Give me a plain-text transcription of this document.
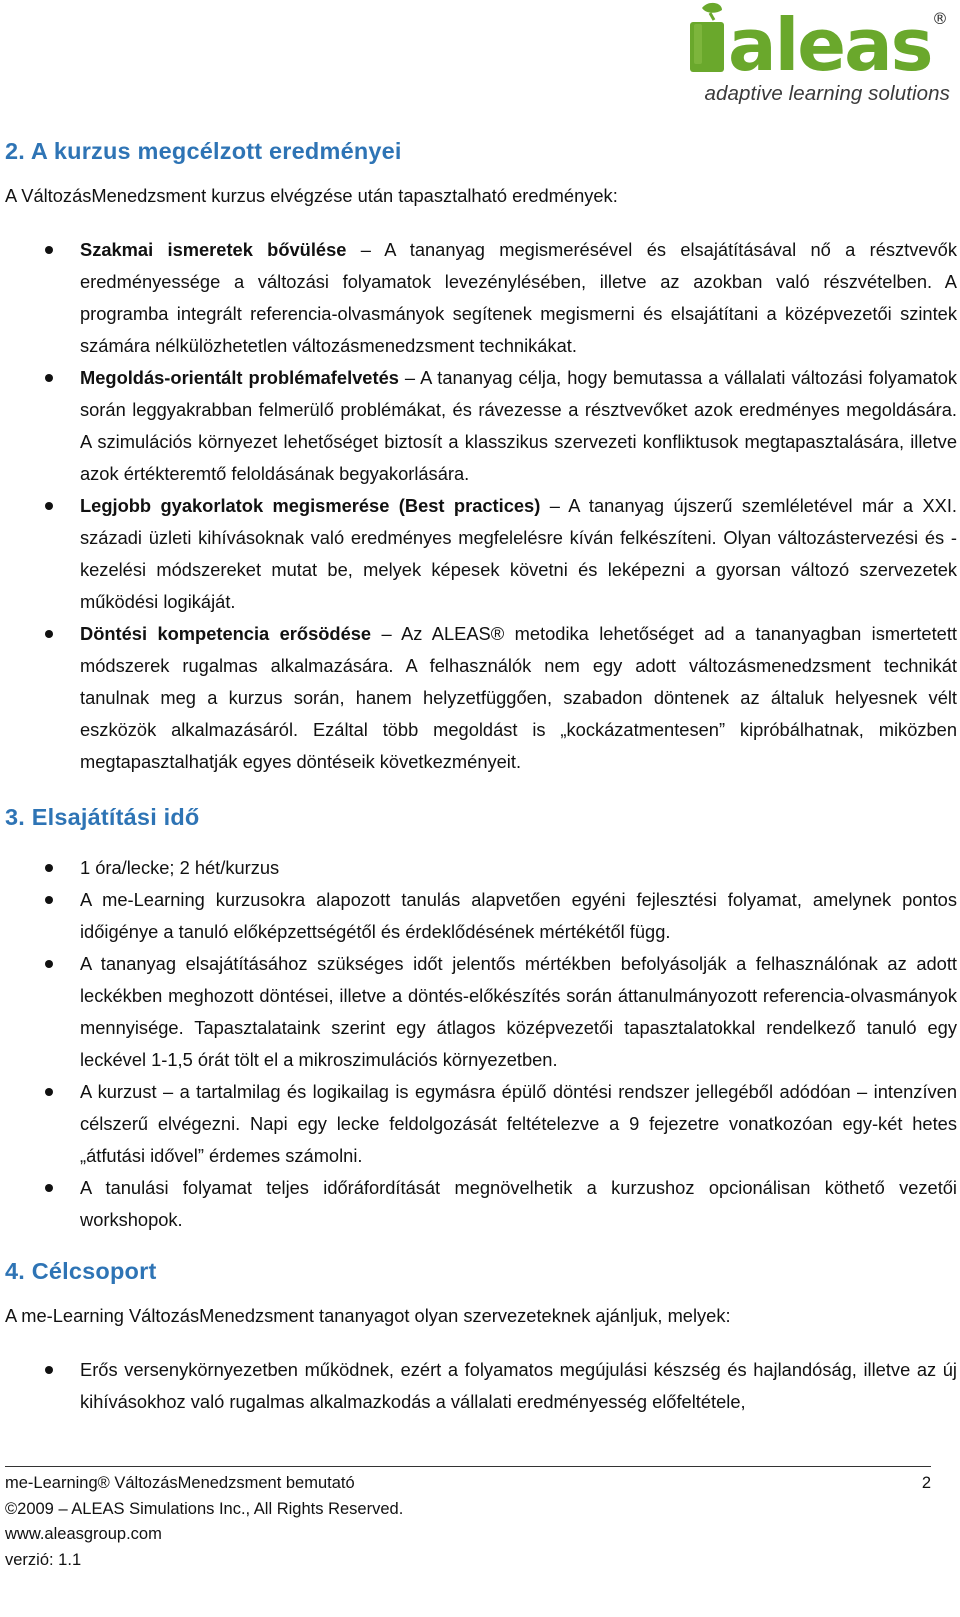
aleas ®
adaptive learning solutions
2. A kurzus megcélzott eredményei

A VáltozásMenedzsment kurzus elvégzése után tapasztalható eredmények:

Szakmai ismeretek bővülése – A tananyag megismerésével és elsajátításával nő a résztvevők eredményessége a változási folyamatok levezénylésében, illetve az azokban való részvételben. A programba integrált referencia-olvasmányok segítenek megismerni és elsajátítani a középvezetői szintek számára nélkülözhetetlen változásmenedzsment technikákat.
Megoldás-orientált problémafelvetés – A tananyag célja, hogy bemutassa a vállalati változási folyamatok során leggyakrabban felmerülő problémákat, és rávezesse a résztvevőket azok eredményes megoldására. A szimulációs környezet lehetőséget biztosít a klasszikus szervezeti konfliktusok megtapasztalására, illetve azok értékteremtő feloldásának begyakorlására.
Legjobb gyakorlatok megismerése (Best practices) – A tananyag újszerű szemléletével már a XXI. századi üzleti kihívásoknak való eredményes megfelelésre kíván felkészíteni. Olyan változástervezési és -kezelési módszereket mutat be, melyek képesek követni és leképezni a gyorsan változó szervezetek működési logikáját.
Döntési kompetencia erősödése – Az ALEAS® metodika lehetőséget ad a tananyagban ismertetett módszerek rugalmas alkalmazására. A felhasználók nem egy adott változásmenedzsment technikát tanulnak meg a kurzus során, hanem helyzetfüggően, szabadon döntenek az általuk helyesnek vélt eszközök alkalmazásáról. Ezáltal több megoldást is „kockázatmentesen” kipróbálhatnak, miközben megtapasztalhatják egyes döntéseik következményeit.
3. Elsajátítási idő
1 óra/lecke; 2 hét/kurzus
A me-Learning kurzusokra alapozott tanulás alapvetően egyéni fejlesztési folyamat, amelynek pontos időigénye a tanuló előképzettségétől és érdeklődésének mértékétől függ.
A tananyag elsajátításához szükséges időt jelentős mértékben befolyásolják a felhasználónak az adott leckékben meghozott döntései, illetve a döntés-előkészítés során áttanulmányozott referencia-olvasmányok mennyisége. Tapasztalataink szerint egy átlagos középvezetői tapasztalatokkal rendelkező tanuló egy leckével 1-1,5 órát tölt el a mikroszimulációs környezetben.
A kurzust – a tartalmilag és logikailag is egymásra épülő döntési rendszer jellegéből adódóan – intenzíven célszerű elvégezni. Napi egy lecke feldolgozását feltételezve a 9 fejezetre vonatkozóan egy-két hetes „átfutási idővel” érdemes számolni.
A tanulási folyamat teljes időráfordítását megnövelhetik a kurzushoz opcionálisan köthető vezetői workshopok.
4. Célcsoport

A me-Learning VáltozásMenedzsment tananyagot olyan szervezeteknek ajánljuk, melyek:

Erős versenykörnyezetben működnek, ezért a folyamatos megújulási készség és hajlandóság, illetve az új kihívásokhoz való rugalmas alkalmazkodás a vállalati eredményesség előfeltétele,
me-Learning® VáltozásMenedzsment bemutató	2
©2009 – ALEAS Simulations Inc., All Rights Reserved.
www.aleasgroup.com
verzió: 1.1
